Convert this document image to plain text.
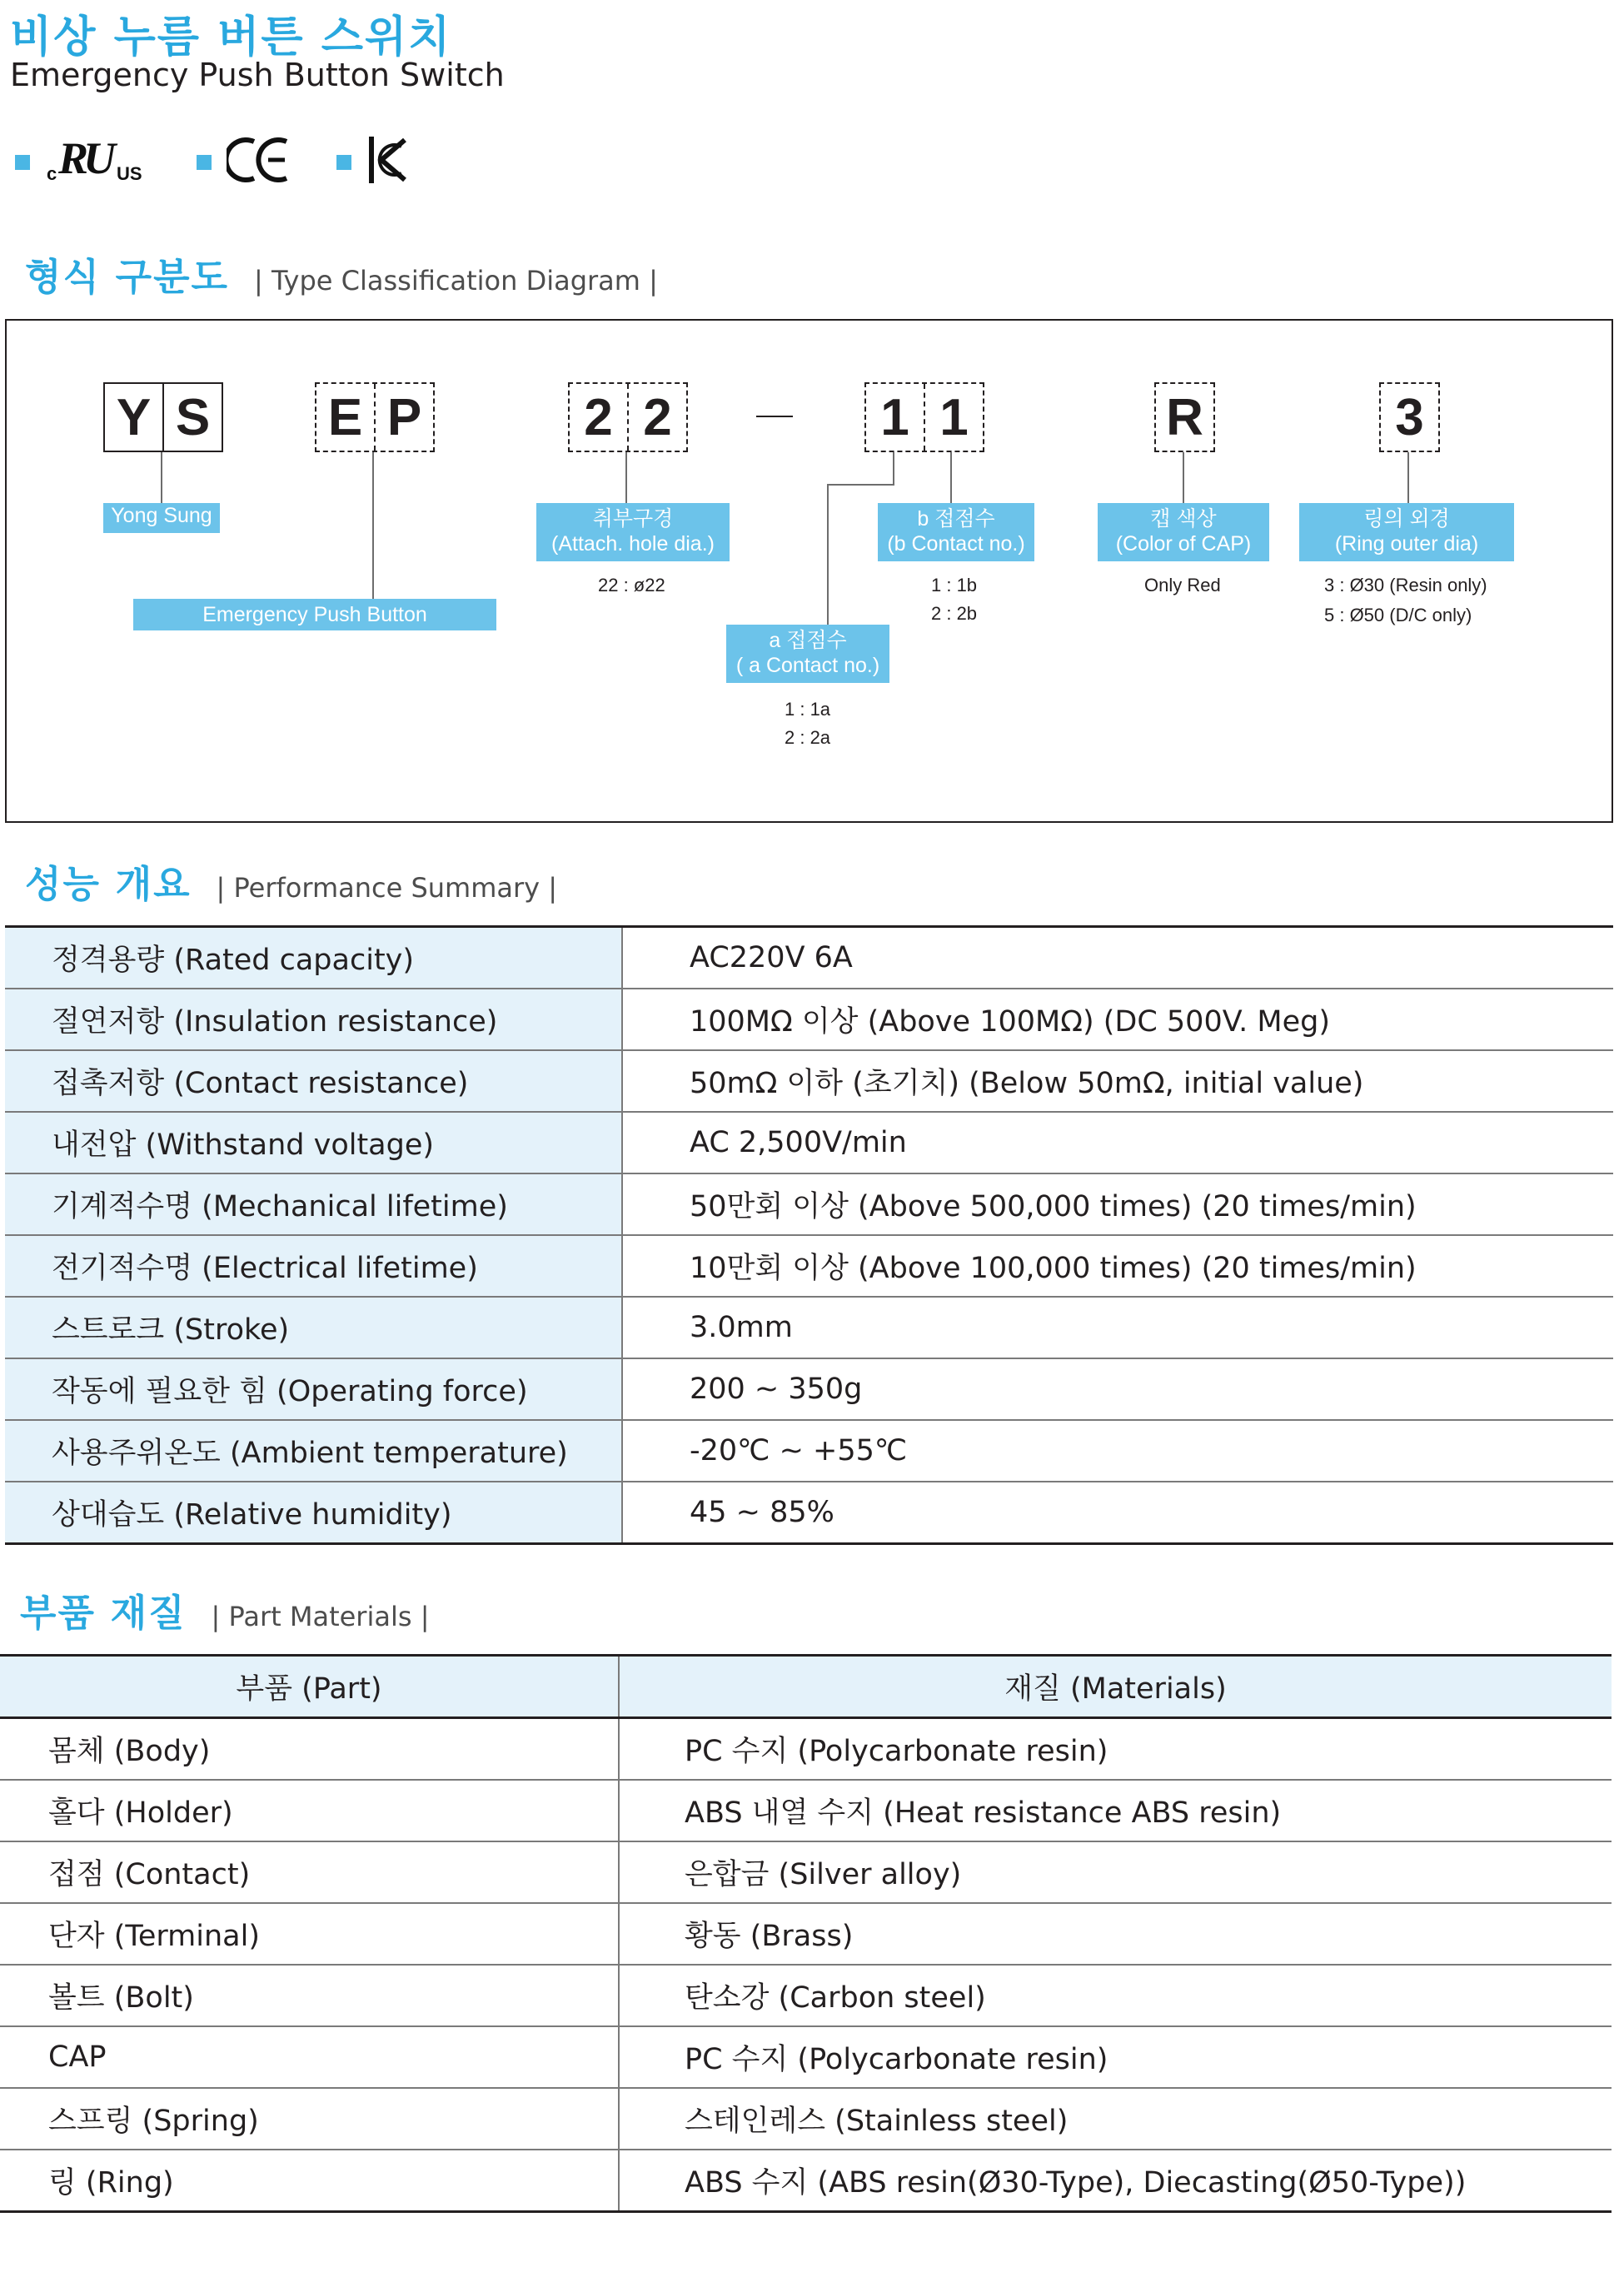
비상 누름 버튼 스위치
Emergency Push Button Switch
c R
U US
형식 구분도 | Type Classification Diagram |
Y S E P	2 2	1 1	R	3
Yong Sung
Emergency Push Button
취부구경
(Attach. hole dia.)
a 접점수
( a Contact no.)
b 접점수
(b Contact no.)
캡 색상
(Color of CAP)
링의 외경
(Ring outer dia)
22 : ø22
1 : 1a
2 : 2a
1 : 1b
2 : 2b
Only Red	3 : Ø30 (Resin only)
5 : Ø50 (D/C only)
성능 개요 | Performance Summary |
정격용량 (Rated capacity)	AC220V 6A
절연저항 (Insulation resistance)	100MΩ 이상 (Above 100MΩ) (DC 500V. Meg)
접촉저항 (Contact resistance)	50mΩ 이하 (초기치) (Below 50mΩ, initial value)
내전압 (Withstand voltage)	AC 2,500V/min
기계적수명 (Mechanical lifetime)	50만회 이상 (Above 500,000 times) (20 times/min)
전기적수명 (Electrical lifetime)	10만회 이상 (Above 100,000 times) (20 times/min)
스트로크 (Stroke)	3.0mm
작동에 필요한 힘 (Operating force)	200 ~ 350g
사용주위온도 (Ambient temperature)	-20℃ ~ +55℃
상대습도 (Relative humidity)	45 ~ 85%
부품 재질 | Part Materials |
부품 (Part)	재질 (Materials)
몸체 (Body)	PC 수지 (Polycarbonate resin)
홀다 (Holder)	ABS 내열 수지 (Heat resistance ABS resin)
접점 (Contact)	은합금 (Silver alloy)
단자 (Terminal)	황동 (Brass)
볼트 (Bolt)	탄소강 (Carbon steel)
CAP	PC 수지 (Polycarbonate resin)
스프링 (Spring)	스테인레스 (Stainless steel)
링 (Ring)	ABS 수지 (ABS resin(Ø30-Type), Diecasting(Ø50-Type))
